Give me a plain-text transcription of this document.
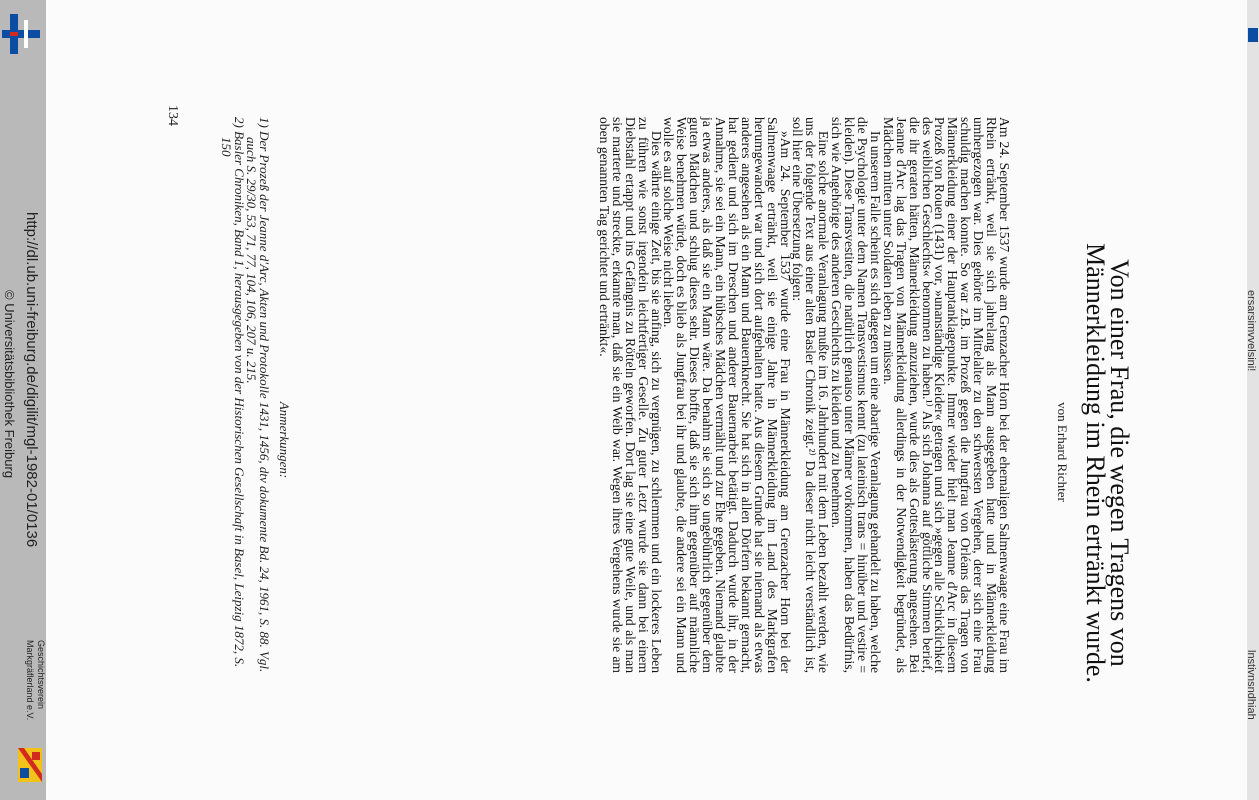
Von einer Frau, die wegen Tragens von
Männerkleidung im Rhein ertränkt wurde.
von Erhard Richter

Am 24. September 1537 wurde am Grenzacher Horn bei der ehemaligen Salmenwaage eine Frau im Rhein ertränkt, weil sie sich jahrelang als Mann ausgegeben hatte und in Männerkleidung umhergezogen war. Dies gehörte im Mittelalter zu den schwersten Vergehen, derer sich eine Frau schuldig machen konnte. So war z.B. im Prozeß gegen die Jungfrau von Orléans das Tragen von Männerkleidung einer der Hauptanklagepunkte. Immer wieder hielt man Jeanne d'Arc in diesem Prozeß von Rouen (1431) vor, »unanständige Kleider« getragen und sich »gegen alle Schicklichkeit des weiblichen Geschlechts« benommen zu haben.¹⁾ Als sich Johanna auf göttliche Stimmen berief, die ihr geraten hätten, Männerkleidung anzuziehen, wurde dies als Gotteslästerung angesehen. Bei Jeanne d'Arc lag das Tragen von Männerkleidung allerdings in der Notwendigkeit begründet, als Mädchen mitten unter Soldaten leben zu müssen.

In unserem Falle scheint es sich dagegen um eine abartige Veranlagung gehandelt zu haben, welche die Psychologie unter dem Namen Transvestismus kennt (zu lateinisch trans = hinüber und vestire = kleiden). Diese Transvestiten, die natürlich genauso unter Männer vorkommen, haben das Bedürfnis, sich wie Angehörige des anderen Geschlechts zu kleiden und zu benehmen.

Eine solche anormale Veranlagung mußte im 16. Jahrhundert mit dem Leben bezahlt werden, wie uns der folgende Text aus einer alten Basler Chronik zeigt.²⁾ Da dieser nicht leicht verständlich ist, soll hier eine Übersetzung folgen:

»Am 24. September 1537 wurde eine Frau in Männerkleidung am Grenzacher Horn bei der Salmenwaage ertränkt, weil sie einige Jahre in Männerkleidung im Land des Markgrafen herumgewandert war und sich dort aufgehalten hatte. Aus diesem Grunde hat sie niemand als etwas anderes angesehen als ein Mann und Bauernknecht. Sie hat sich in allen Dörfern bekannt gemacht, hat gedient und sich im Dreschen und anderer Bauernarbeit betätigt. Dadurch wurde ihr, in der Annahme, sie sei ein Mann, ein hübsches Mädchen vermählt und zur Ehe gegeben. Niemand glaubte ja etwas anderes, als daß sie ein Mann wäre. Da benahm sie sich so ungebührlich gegenüber dem guten Mädchen und schlug dieses sehr. Dieses hoffte, daß sie sich ihm gegenüber auf männliche Weise benehmen würde, doch es blieb als Jungfrau bei ihr und glaubte, die andere sei ein Mann und wolle es auf solche Weise nicht lieben.

Dies währte einige Zeit, bis sie anfing, sich zu vergnügen, zu schlemmen und ein lockeres Leben zu führen wie sonst irgendein leichtfertiger Geselle. Zu guter Letzt wurde sie dann bei einem Diebstahl ertappt und ins Gefängnis zu Rötteln geworfen. Dort lag sie eine gute Weile, und als man sie marterte und streckte, erkannte man, daß sie ein Weib war. Wegen ihres Vergehens wurde sie am oben genannten Tag gerichtet und ertränkt«.

Anmerkungen:

1) Der Prozeß der Jeanne d'Arc, Akten und Protokolle 1431, 1456, dtv dokumente Bd. 24, 1961, S. 88. Vgl. auch S. 29/30, 53, 71, 77, 104, 106, 207 u. 215.

2) Basler Chroniken, Band 1, herausgegeben von der Historischen Gesellschaft in Basel, Leipzig 1872, S. 150

134
http://dl.ub.uni-freiburg.de/digilit/mgl-1982-01/0136
© Universitätsbibliothek Freiburg
Geschichtsverein
Markgräflerland e.V.
ersarsimvvelsini!
lnstivnsndhiah
